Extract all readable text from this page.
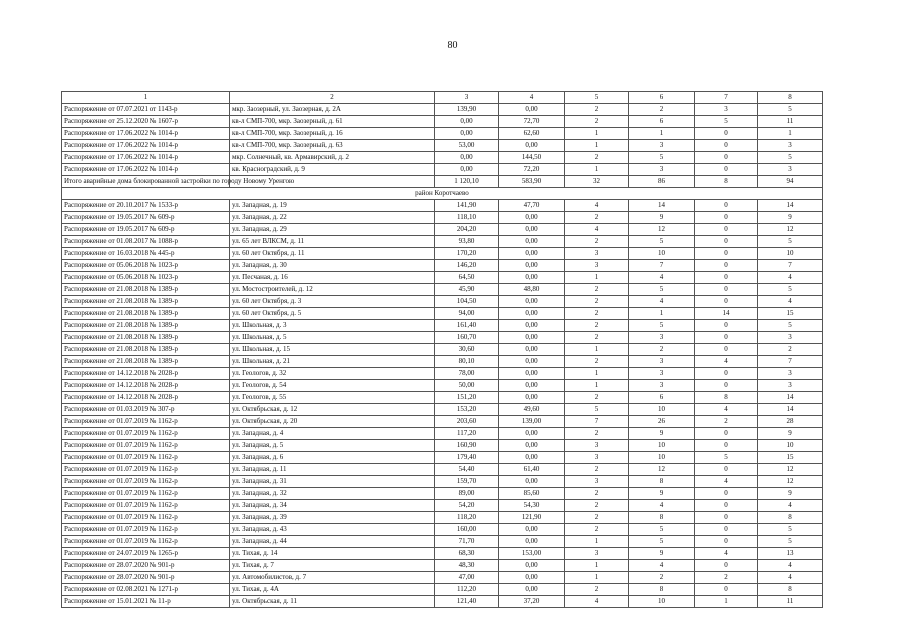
80
1	2	3	4	5	6	7	8
Распоряжение от 07.07.2021 от 1143-р	мкр. Заозерный, ул. Заозерная, д. 2А	139,90	0,00	2	2	3	5
Распоряжение от 25.12.2020 № 1607-р	кв-л СМП-700, мкр. Заозерный, д. 61	0,00	72,70	2	6	5	11
Распоряжение от 17.06.2022 № 1014-р	кв-л СМП-700, мкр. Заозерный, д. 16	0,00	62,60	1	1	0	1
Распоряжение от 17.06.2022 № 1014-р	кв-л СМП-700, мкр. Заозерный, д. 63	53,00	0,00	1	3	0	3
Распоряжение от 17.06.2022 № 1014-р	мкр. Солнечный, кв. Армавирский, д. 2	0,00	144,50	2	5	0	5
Распоряжение от 17.06.2022 № 1014-р	кв. Красноградский, д. 9	0,00	72,20	1	3	0	3
Итого аварийные дома блокированной застройки по городу Новому Уренгою		1 120,10	583,90	32	86	8	94
район Коротчаево							
Распоряжение от 20.10.2017 № 1533-р	ул. Западная, д. 19	141,90	47,70	4	14	0	14
Распоряжение от 19.05.2017 № 609-р	ул. Западная, д. 22	118,10	0,00	2	9	0	9
Распоряжение от 19.05.2017 № 609-р	ул. Западная, д. 29	204,20	0,00	4	12	0	12
Распоряжение от 01.08.2017 № 1088-р	ул. 65 лет ВЛКСМ, д. 11	93,80	0,00	2	5	0	5
Распоряжение от 16.03.2018 № 445-р	ул. 60 лет Октября, д. 11	170,20	0,00	3	10	0	10
Распоряжение от 05.06.2018 № 1023-р	ул. Западная, д. 30	146,20	0,00	3	7	0	7
Распоряжение от 05.06.2018 № 1023-р	ул. Песчаная, д. 16	64,50	0,00	1	4	0	4
Распоряжение от 21.08.2018 № 1389-р	ул. Мостостроителей, д. 12	45,90	48,80	2	5	0	5
Распоряжение от 21.08.2018 № 1389-р	ул. 60 лет Октября, д. 3	104,50	0,00	2	4	0	4
Распоряжение от 21.08.2018 № 1389-р	ул. 60 лет Октября, д. 5	94,00	0,00	2	1	14	15
Распоряжение от 21.08.2018 № 1389-р	ул. Школьная, д. 3	161,40	0,00	2	5	0	5
Распоряжение от 21.08.2018 № 1389-р	ул. Школьная, д. 5	160,70	0,00	2	3	0	3
Распоряжение от 21.08.2018 № 1389-р	ул. Школьная, д. 15	30,60	0,00	1	2	0	2
Распоряжение от 21.08.2018 № 1389-р	ул. Школьная, д. 21	80,10	0,00	2	3	4	7
Распоряжение от 14.12.2018 № 2028-р	ул. Геологов, д. 32	78,00	0,00	1	3	0	3
Распоряжение от 14.12.2018 № 2028-р	ул. Геологов, д. 54	50,00	0,00	1	3	0	3
Распоряжение от 14.12.2018 № 2028-р	ул. Геологов, д. 55	151,20	0,00	2	6	8	14
Распоряжение от 01.03.2019 № 307-р	ул. Октябрьская, д. 12	153,20	49,60	5	10	4	14
Распоряжение от 01.07.2019 № 1162-р	ул. Октябрьская, д. 20	203,60	139,00	7	26	2	28
Распоряжение от 01.07.2019 № 1162-р	ул. Западная, д. 4	117,20	0,00	2	9	0	9
Распоряжение от 01.07.2019 № 1162-р	ул. Западная, д. 5	160,90	0,00	3	10	0	10
Распоряжение от 01.07.2019 № 1162-р	ул. Западная, д. 6	179,40	0,00	3	10	5	15
Распоряжение от 01.07.2019 № 1162-р	ул. Западная, д. 11	54,40	61,40	2	12	0	12
Распоряжение от 01.07.2019 № 1162-р	ул. Западная, д. 31	159,70	0,00	3	8	4	12
Распоряжение от 01.07.2019 № 1162-р	ул. Западная, д. 32	89,00	85,60	2	9	0	9
Распоряжение от 01.07.2019 № 1162-р	ул. Западная, д. 34	54,20	54,30	2	4	0	4
Распоряжение от 01.07.2019 № 1162-р	ул. Западная, д. 39	118,20	121,90	2	8	0	8
Распоряжение от 01.07.2019 № 1162-р	ул. Западная, д. 43	160,00	0,00	2	5	0	5
Распоряжение от 01.07.2019 № 1162-р	ул. Западная, д. 44	71,70	0,00	1	5	0	5
Распоряжение от 24.07.2019 № 1265-р	ул. Тихая, д. 14	68,30	153,00	3	9	4	13
Распоряжение от 28.07.2020 № 901-р	ул. Тихая, д. 7	48,30	0,00	1	4	0	4
Распоряжение от 28.07.2020 № 901-р	ул. Автомобилистов, д. 7	47,00	0,00	1	2	2	4
Распоряжение от 02.08.2021 № 1271-р	ул. Тихая, д. 4А	112,20	0,00	2	8	0	8
Распоряжение от 15.01.2021 № 11-р	ул. Октябрьская, д. 11	121,40	37,20	4	10	1	11
